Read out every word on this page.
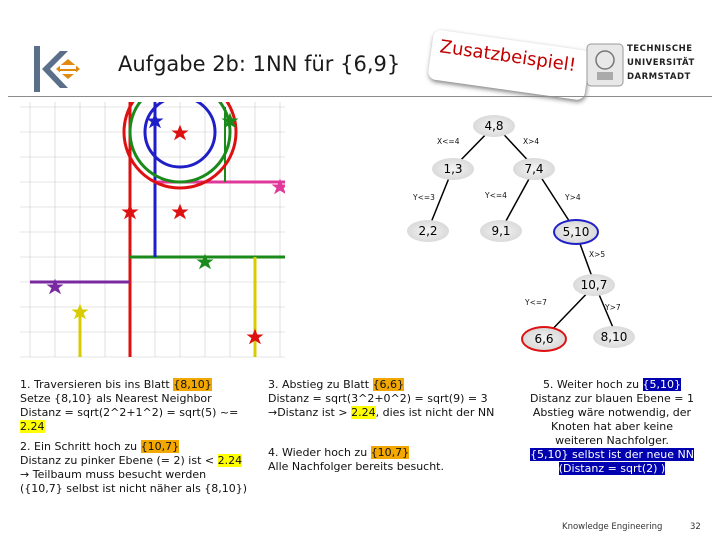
Aufgabe 2b: 1NN für {6,9} Zusatzbeispiel!	TECHNISCHE
UNIVERSITÄT
DARMSTADT
4,8
1,3	7,4
2,2	9,1	5,10
10,7
6,6	8,10
X<=4	X>4
Y<=3	Y<=4	Y>4
X>5
Y<=7
Y>7

1. Traversieren bis ins Blatt {8,10}

Setze {8,10} als Nearest Neighbor

Distanz = sqrt(2^2+1^2) = sqrt(5) ~= 2.24

2. Ein Schritt hoch zu {10,7}

Distanz zu pinker Ebene (= 2) ist < 2.24

→ Teilbaum muss besucht werden

({10,7} selbst ist nicht näher als {8,10})

3. Abstieg zu Blatt {6,6}

Distanz = sqrt(3^2+0^2) = sqrt(9) = 3

→Distanz ist > 2.24, dies ist nicht der NN

4. Wieder hoch zu {10,7}

Alle Nachfolger bereits besucht.

5. Weiter hoch zu {5,10}

Distanz zur blauen Ebene = 1

Abstieg wäre notwendig, der

Knoten hat aber keine

weiteren Nachfolger.

{5,10} selbst ist der neue NN

(Distanz = sqrt(2) )

Knowledge Engineering	32
